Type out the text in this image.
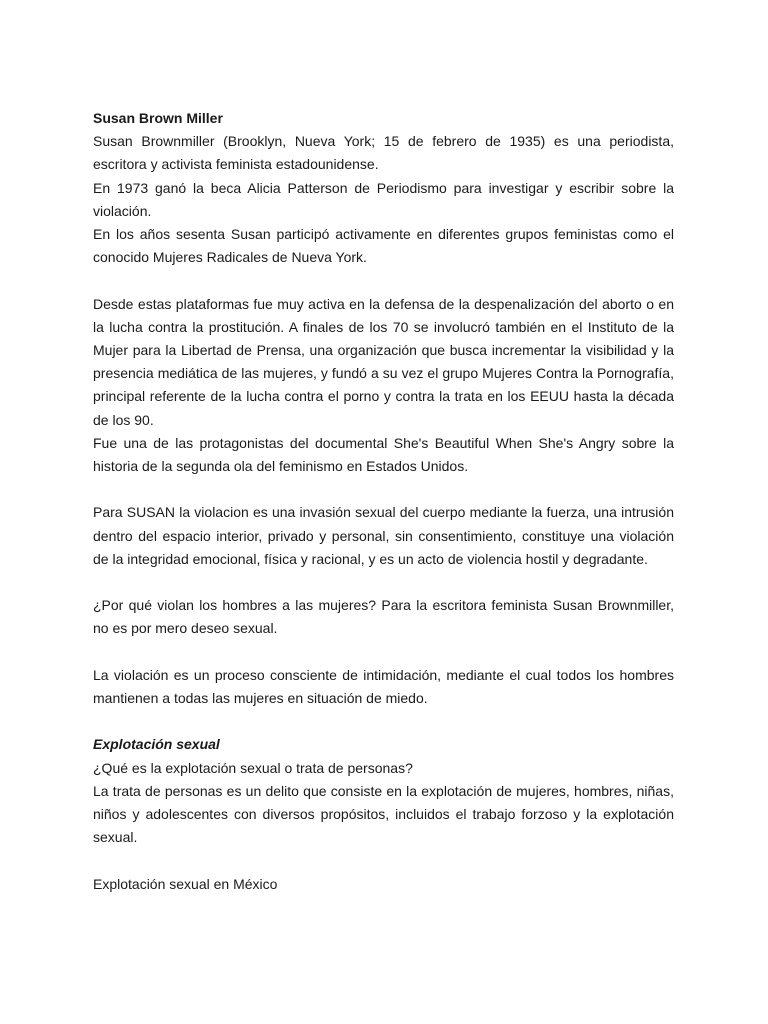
Susan Brown Miller

Susan Brownmiller (Brooklyn, Nueva York; 15 de febrero de 1935) es una periodista, escritora y activista feminista estadounidense.

En 1973 ganó la beca Alicia Patterson de Periodismo para investigar y escribir sobre la violación.

En los años sesenta Susan participó activamente en diferentes grupos feministas como el conocido Mujeres Radicales de Nueva York.

Desde estas plataformas fue muy activa en la defensa de la despenalización del aborto o en la lucha contra la prostitución. A finales de los 70 se involucró también en el Instituto de la Mujer para la Libertad de Prensa, una organización que busca incrementar la visibilidad y la presencia mediática de las mujeres, y fundó a su vez el grupo Mujeres Contra la Pornografía, principal referente de la lucha contra el porno y contra la trata en los EEUU hasta la década de los 90.

Fue una de las protagonistas del documental She's Beautiful When She's Angry sobre la historia de la segunda ola del feminismo en Estados Unidos.

Para SUSAN la violacion es una invasión sexual del cuerpo mediante la fuerza, una intrusión dentro del espacio interior, privado y personal, sin consentimiento, constituye una violación de la integridad emocional, física y racional, y es un acto de violencia hostil y degradante.

¿Por qué violan los hombres a las mujeres? Para la escritora feminista Susan Brownmiller, no es por mero deseo sexual.

La violación es un proceso consciente de intimidación, mediante el cual todos los hombres mantienen a todas las mujeres en situación de miedo.

Explotación sexual

¿Qué es la explotación sexual o trata de personas?

La trata de personas es un delito que consiste en la explotación de mujeres, hombres, niñas, niños y adolescentes con diversos propósitos, incluidos el trabajo forzoso y la explotación sexual.

Explotación sexual en México
